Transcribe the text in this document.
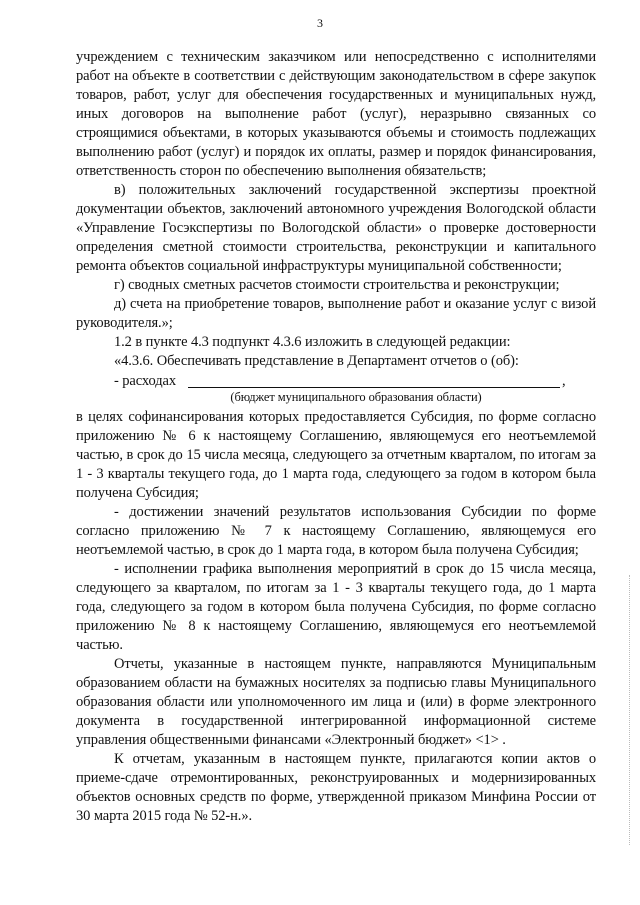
3

учреждением с техническим заказчиком или непосредственно с исполнителями работ на объекте в соответствии с действующим законодательством в сфере закупок товаров, работ, услуг для обеспечения государственных и муниципальных нужд, иных договоров на выполнение работ (услуг), неразрывно связанных со строящимися объектами, в которых указываются объемы и стоимость подлежащих выполнению работ (услуг) и порядок их оплаты, размер и порядок финансирования, ответственность сторон по обеспечению выполнения обязательств;

в) положительных заключений государственной экспертизы проектной документации объектов, заключений автономного учреждения Вологодской области «Управление Госэкспертизы по Вологодской области» о проверке достоверности определения сметной стоимости строительства, реконструкции и капитального ремонта объектов социальной инфраструктуры муниципальной собственности;

г) сводных сметных расчетов стоимости строительства и реконструкции;

д) счета на приобретение товаров, выполнение работ и оказание услуг с визой руководителя.»;

1.2 в пункте 4.3 подпункт 4.3.6 изложить в следующей редакции:

«4.3.6. Обеспечивать представление в Департамент отчетов о (об):

- расходах	,
(бюджет муниципального образования области)

в целях софинансирования которых предоставляется Субсидия, по форме согласно приложению № 6 к настоящему Соглашению, являющемуся его неотъемлемой частью, в срок до 15 числа месяца, следующего за отчетным кварталом, по итогам за 1 - 3 кварталы текущего года, до 1 марта года, следующего за годом в котором была получена Субсидия;

- достижении значений результатов использования Субсидии по форме согласно приложению № 7 к настоящему Соглашению, являющемуся его неотъемлемой частью, в срок до 1 марта года, в котором была получена Субсидия;

- исполнении графика выполнения мероприятий в срок до 15 числа месяца, следующего за кварталом, по итогам за 1 - 3 кварталы текущего года, до 1 марта года, следующего за годом в котором была получена Субсидия, по форме согласно приложению № 8 к настоящему Соглашению, являющемуся его неотъемлемой частью.

Отчеты, указанные в настоящем пункте, направляются Муниципальным образованием области на бумажных носителях за подписью главы Муниципального образования области или уполномоченного им лица и (или) в форме электронного документа в государственной интегрированной информационной системе управления общественными финансами «Электронный бюджет» <1> .

К отчетам, указанным в настоящем пункте, прилагаются копии актов о приеме-сдаче отремонтированных, реконструированных и модернизированных объектов основных средств по форме, утвержденной приказом Минфина России от 30 марта 2015 года № 52-н.».
